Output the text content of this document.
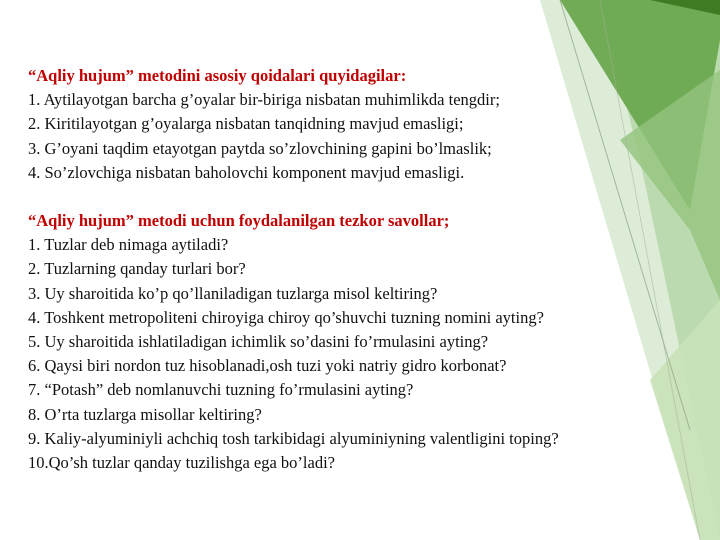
“Aqliy hujum” metodini asosiy qoidalari quyidagilar:
1. Aytilayotgan barcha g’oyalar bir-biriga nisbatan muhimlikda tengdir;
2. Kiritilayotgan g’oyalarga nisbatan tanqidning mavjud emasligi;
3. G’oyani taqdim etayotgan paytda so’zlovchining gapini bo’lmaslik;
4. So’zlovchiga nisbatan baholovchi komponent mavjud emasligi.
“Aqliy hujum” metodi uchun foydalanilgan tezkor savollar;
1. Tuzlar deb nimaga aytiladi?
2. Tuzlarning qanday turlari bor?
3. Uy sharoitida ko’p qo’llaniladigan tuzlarga misol keltiring?
4. Toshkent metropoliteni chiroyiga chiroy qo’shuvchi tuzning nomini ayting?
5. Uy sharoitida ishlatiladigan ichimlik so’dasini fo’rmulasini ayting?
6. Qaysi biri nordon tuz hisoblanadi,osh tuzi yoki natriy gidro korbonat?
7. “Potash” deb nomlanuvchi tuzning fo’rmulasini ayting?
8. O’rta tuzlarga misollar keltiring?
9. Kaliy-alyuminiyli achchiq tosh tarkibidagi alyuminiyning valentligini toping?
10.Qo’sh tuzlar qanday tuzilishga ega bo’ladi?
